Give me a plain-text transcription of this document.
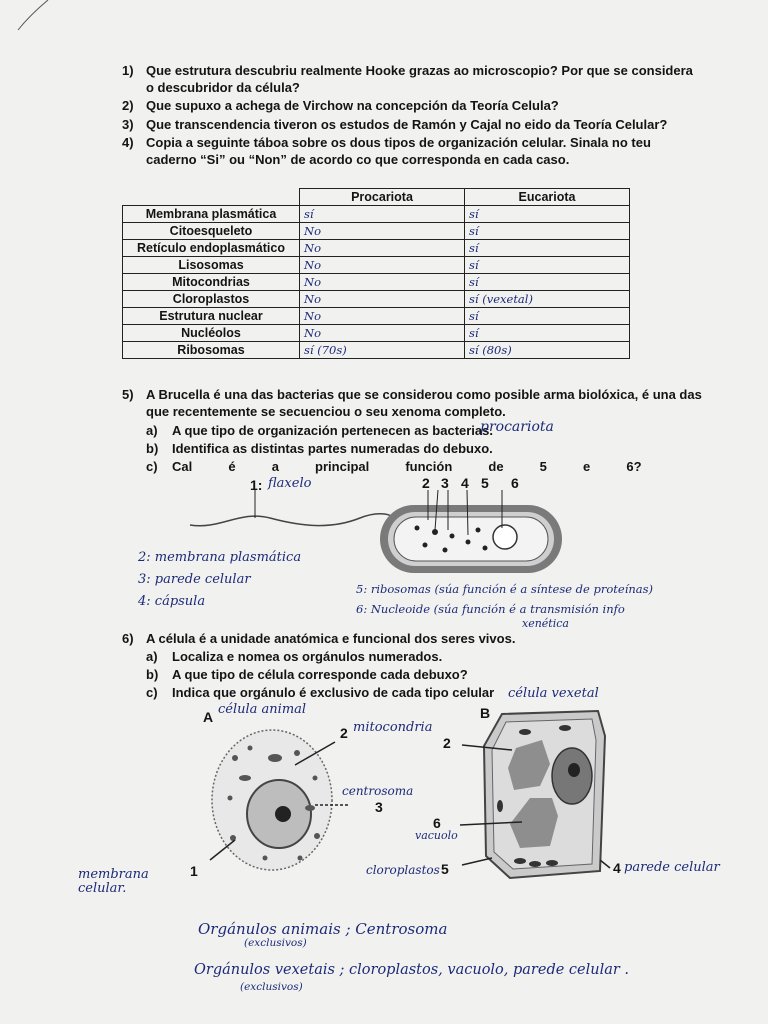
1) Que estrutura descubriu realmente Hooke grazas ao microscopio? Por que se considera
o descubridor da célula?
2) Que supuxo a achega de Virchow na concepción da Teoría Celula?
3) Que transcendencia tiveron os estudos de Ramón y Cajal no eido da Teoría Celular?
4) Copia a seguinte táboa sobre os dous tipos de organización celular. Sinala no teu
caderno “Si” ou “Non” de acordo co que corresponda en cada caso.
	Procariota	Eucariota
Membrana plasmática	sí	sí
Citoesqueleto	No	sí
Retículo endoplasmático	No	sí
Lisosomas	No	sí
Mitocondrias	No	sí
Cloroplastos	No	sí (vexetal)
Estrutura nuclear	No	sí
Nucléolos	No	sí
Ribosomas	sí (70s)	sí (80s)
5) A Brucella é una das bacterias que se considerou como posible arma biolóxica, é una das
que recentemente se secuenciou o seu xenoma completo.
a) A que tipo de organización pertenecen as bacterias.
b) Identifica as distintas partes numeradas do debuxo.
c) Cal          é          a          principal          función          de          5          e          6?
procariota
1: flaxelo	2 3 4 5 6
2: membrana plasmática
3: parede celular
4: cápsula
5: ribosomas (súa función é a síntese de proteínas)
6: Nucleoide (súa función é a transmisión info
xenética
6) A célula é a unidade anatómica e funcional dos seres vivos.
a) Localiza e nomea os orgánulos numerados.
b) A que tipo de célula corresponde cada debuxo?
c) Indica que orgánulo é exclusivo de cada tipo celular
A célula animal
2 mitocondria
centrosoma
3
1
membrana celular.
B
célula vexetal
2
6
vacuolo
cloroplastos 5	4 parede celular
Orgánulos animais ; Centrosoma
(exclusivos)
Orgánulos vexetais ; cloroplastos, vacuolo, parede celular .
(exclusivos)
